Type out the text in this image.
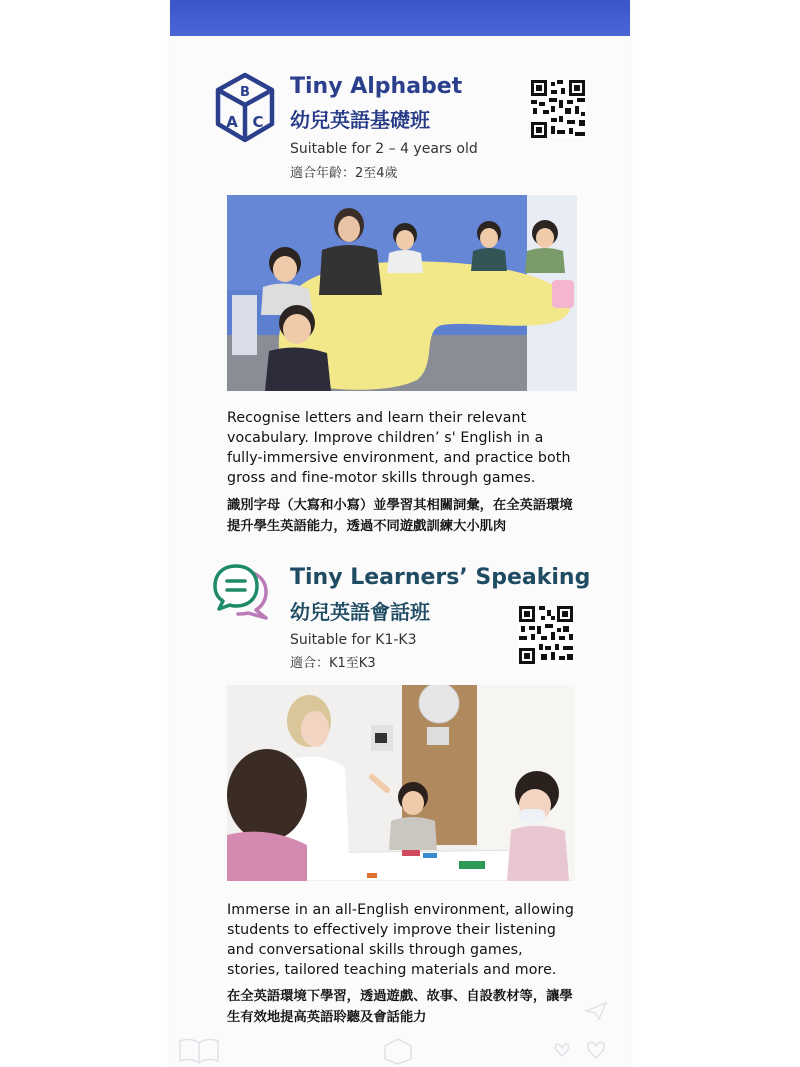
B
A C
Tiny Alphabet
幼兒英語基礎班
Suitable for 2 – 4 years old
適合年齡：2至4歲
Recognise letters and learn their relevant vocabulary. Improve children’ s' English in a fully-immersive environment, and practice both gross and fine-motor skills through games.
識別字母（大寫和小寫）並學習其相關詞彙，在全英語環境提升學生英語能力，透過不同遊戲訓練大小肌肉
Tiny Learners’ Speaking
幼兒英語會話班
Suitable for K1-K3
適合：K1至K3
Immerse in an all-English environment, allowing students to effectively improve their listening and conversational skills through games, stories, tailored teaching materials and more.
在全英語環境下學習，透過遊戲、故事、自設教材等，讓學生有效地提高英語聆聽及會話能力
